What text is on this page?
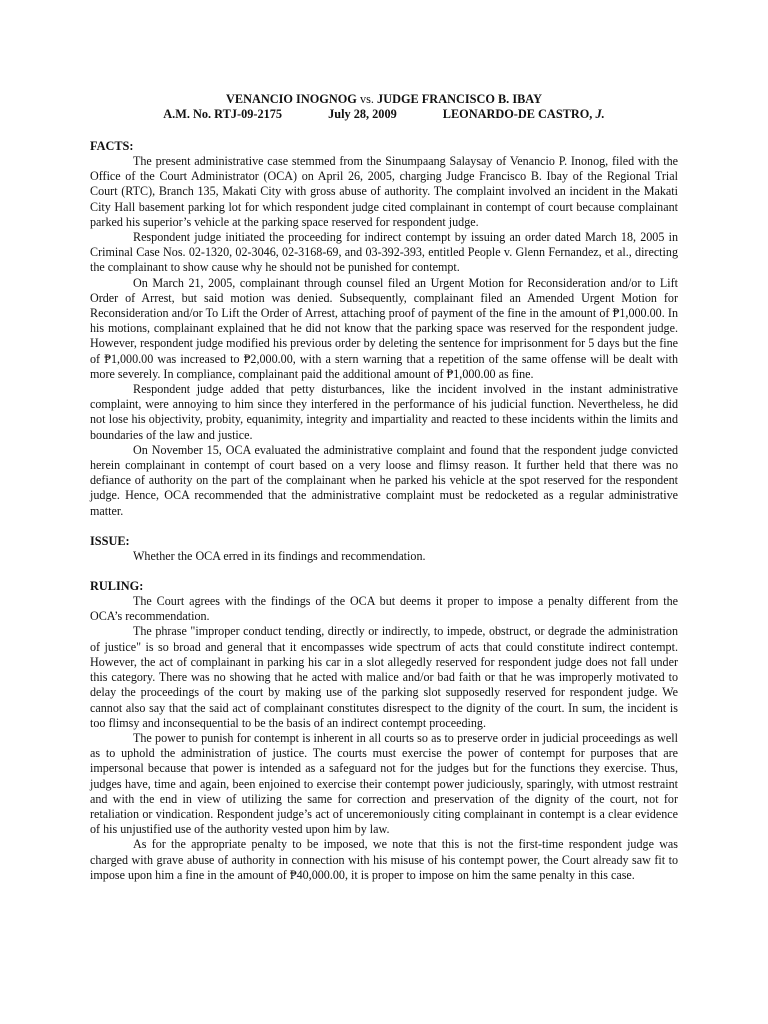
VENANCIO INOGNOG vs. JUDGE FRANCISCO B. IBAY
A.M. No. RTJ-09-2175	July 28, 2009	LEONARDO-DE CASTRO, J.
FACTS:

The present administrative case stemmed from the Sinumpaang Salaysay of Venancio P. Inonog, filed with the Office of the Court Administrator (OCA) on April 26, 2005, charging Judge Francisco B. Ibay of the Regional Trial Court (RTC), Branch 135, Makati City with gross abuse of authority. The complaint involved an incident in the Makati City Hall basement parking lot for which respondent judge cited complainant in contempt of court because complainant parked his superior’s vehicle at the parking space reserved for respondent judge.

Respondent judge initiated the proceeding for indirect contempt by issuing an order dated March 18, 2005 in Criminal Case Nos. 02-1320, 02-3046, 02-3168-69, and 03-392-393, entitled People v. Glenn Fernandez, et al., directing the complainant to show cause why he should not be punished for contempt.

On March 21, 2005, complainant through counsel filed an Urgent Motion for Reconsideration and/or to Lift Order of Arrest, but said motion was denied. Subsequently, complainant filed an Amended Urgent Motion for Reconsideration and/or To Lift the Order of Arrest, attaching proof of payment of the fine in the amount of ₱1,000.00. In his motions, complainant explained that he did not know that the parking space was reserved for the respondent judge. However, respondent judge modified his previous order by deleting the sentence for imprisonment for 5 days but the fine of ₱1,000.00 was increased to ₱2,000.00, with a stern warning that a repetition of the same offense will be dealt with more severely. In compliance, complainant paid the additional amount of ₱1,000.00 as fine.

Respondent judge added that petty disturbances, like the incident involved in the instant administrative complaint, were annoying to him since they interfered in the performance of his judicial function. Nevertheless, he did not lose his objectivity, probity, equanimity, integrity and impartiality and reacted to these incidents within the limits and boundaries of the law and justice.

On November 15, OCA evaluated the administrative complaint and found that the respondent judge convicted herein complainant in contempt of court based on a very loose and flimsy reason. It further held that there was no defiance of authority on the part of the complainant when he parked his vehicle at the spot reserved for the respondent judge. Hence, OCA recommended that the administrative complaint must be redocketed as a regular administrative matter.

ISSUE:

Whether the OCA erred in its findings and recommendation.

RULING:

The Court agrees with the findings of the OCA but deems it proper to impose a penalty different from the OCA’s recommendation.

The phrase "improper conduct tending, directly or indirectly, to impede, obstruct, or degrade the administration of justice" is so broad and general that it encompasses wide spectrum of acts that could constitute indirect contempt. However, the act of complainant in parking his car in a slot allegedly reserved for respondent judge does not fall under this category. There was no showing that he acted with malice and/or bad faith or that he was improperly motivated to delay the proceedings of the court by making use of the parking slot supposedly reserved for respondent judge. We cannot also say that the said act of complainant constitutes disrespect to the dignity of the court. In sum, the incident is too flimsy and inconsequential to be the basis of an indirect contempt proceeding.

The power to punish for contempt is inherent in all courts so as to preserve order in judicial proceedings as well as to uphold the administration of justice. The courts must exercise the power of contempt for purposes that are impersonal because that power is intended as a safeguard not for the judges but for the functions they exercise. Thus, judges have, time and again, been enjoined to exercise their contempt power judiciously, sparingly, with utmost restraint and with the end in view of utilizing the same for correction and preservation of the dignity of the court, not for retaliation or vindication. Respondent judge’s act of unceremoniously citing complainant in contempt is a clear evidence of his unjustified use of the authority vested upon him by law.

As for the appropriate penalty to be imposed, we note that this is not the first-time respondent judge was charged with grave abuse of authority in connection with his misuse of his contempt power, the Court already saw fit to impose upon him a fine in the amount of ₱40,000.00, it is proper to impose on him the same penalty in this case.
